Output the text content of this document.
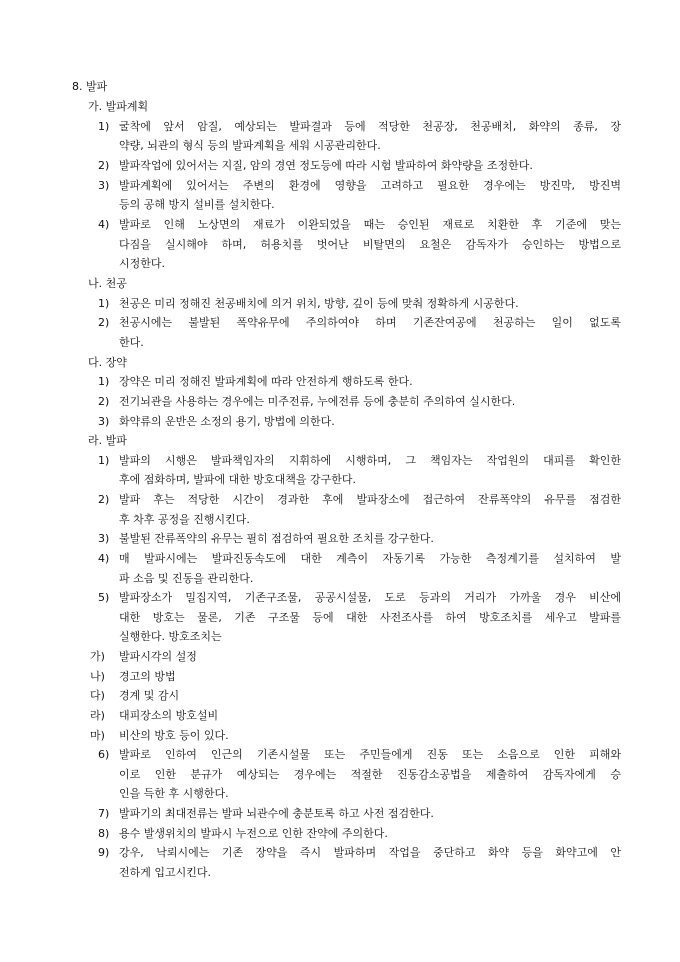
8. 발파
가. 발파계획
1) 굴착에 앞서 암질, 예상되는 발파결과 등에 적당한 천공장, 천공배치, 화약의 종류, 장
약량, 뇌관의 형식 등의 발파계획을 세워 시공관리한다.
2) 발파작업에 있어서는 지질, 암의 경연 정도등에 따라 시험 발파하여 화약량을 조정한다.
3) 발파계획에 있어서는 주변의 환경에 영향을 고려하고 필요한 경우에는 방진막, 방진벽
등의 공해 방지 설비를 설치한다.
4) 발파로 인해 노상면의 재료가 이완되었을 때는 승인된 재료로 치환한 후 기준에 맞는
다짐을 실시해야 하며, 허용치를 벗어난 비탈면의 요철은 감독자가 승인하는 방법으로
시정한다.
나. 천공
1) 천공은 미리 정해진 천공배치에 의거 위치, 방향, 깊이 등에 맞춰 정확하게 시공한다.
2) 천공시에는 불발된 폭약유무에 주의하여야 하며 기존잔여공에 천공하는 일이 없도록
한다.
다. 장약
1) 장약은 미리 정해진 발파계획에 따라 안전하게 행하도록 한다.
2) 전기뇌관을 사용하는 경우에는 미주전류, 누에전류 등에 충분히 주의하여 실시한다.
3) 화약류의 운반은 소정의 용기, 방법에 의한다.
라. 발파
1) 발파의 시행은 발파책임자의 지휘하에 시행하며, 그 책임자는 작업원의 대피를 확인한
후에 점화하며, 발파에 대한 방호대책을 강구한다.
2) 발파 후는 적당한 시간이 경과한 후에 발파장소에 접근하여 잔류폭약의 유무를 점검한
후 차후 공정을 진행시킨다.
3) 불발된 잔류폭약의 유무는 필히 점검하여 필요한 조치를 강구한다.
4) 매 발파시에는 발파진동속도에 대한 계측이 자동기록 가능한 측정계기를 설치하여 발
파 소음 및 진동을 관리한다.
5) 발파장소가 밀집지역, 기존구조물, 공공시설물, 도로 등과의 거리가 가까울 경우 비산에
대한 방호는 물론, 기존 구조물 등에 대한 사전조사를 하여 방호조치를 세우고 발파를
실행한다. 방호조치는
가)	발파시각의 설정
나)	경고의 방법
다)	경계 및 감시
라)	대피장소의 방호설비
마)	비산의 방호 등이 있다.
6) 발파로 인하여 인근의 기존시설물 또는 주민들에게 진동 또는 소음으로 인한 피해와
이로 인한 분규가 예상되는 경우에는 적절한 진동감소공법을 제출하여 감독자에게 승
인을 득한 후 시행한다.
7) 발파기의 최대전류는 발파 뇌관수에 충분토록 하고 사전 점검한다.
8) 용수 발생위치의 발파시 누전으로 인한 잔약에 주의한다.
9) 강우, 낙뢰시에는 기존 장약을 즉시 발파하며 작업을 중단하고 화약 등을 화약고에 안
전하게 입고시킨다.
